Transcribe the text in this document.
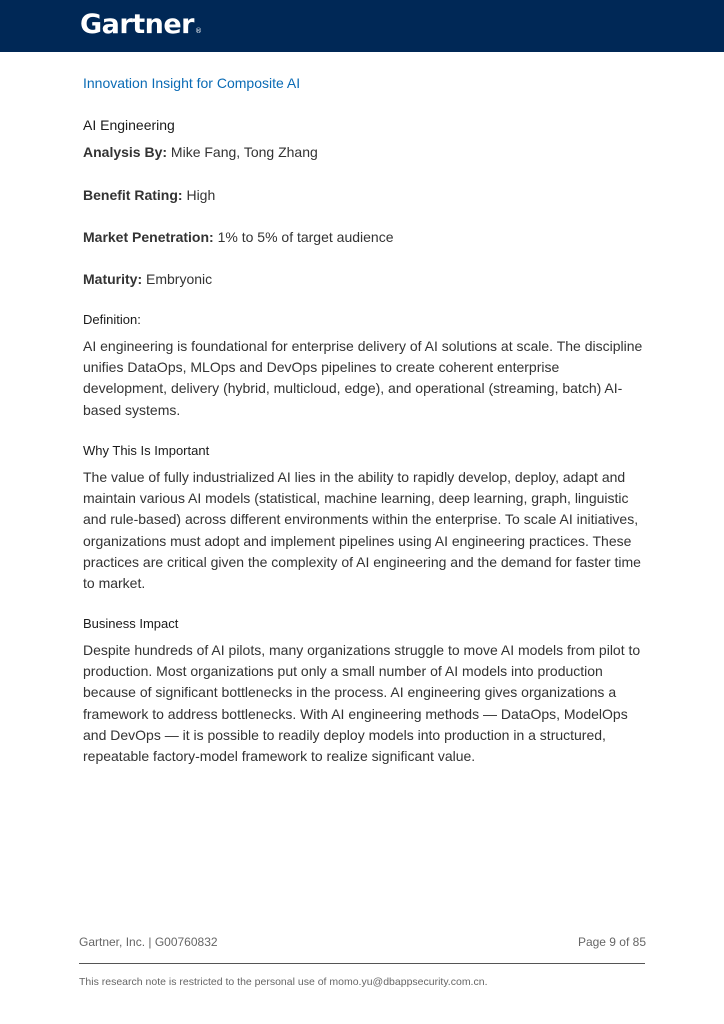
Gartner®
Innovation Insight for Composite AI
AI Engineering
Analysis By: Mike Fang, Tong Zhang
Benefit Rating: High
Market Penetration: 1% to 5% of target audience
Maturity: Embryonic
Definition:

AI engineering is foundational for enterprise delivery of AI solutions at scale. The discipline unifies DataOps, MLOps and DevOps pipelines to create coherent enterprise development, delivery (hybrid, multicloud, edge), and operational (streaming, batch) AI-based systems.

Why This Is Important

The value of fully industrialized AI lies in the ability to rapidly develop, deploy, adapt and maintain various AI models (statistical, machine learning, deep learning, graph, linguistic and rule-based) across different environments within the enterprise. To scale AI initiatives, organizations must adopt and implement pipelines using AI engineering practices. These practices are critical given the complexity of AI engineering and the demand for faster time to market.

Business Impact

Despite hundreds of AI pilots, many organizations struggle to move AI models from pilot to production. Most organizations put only a small number of AI models into production because of significant bottlenecks in the process. AI engineering gives organizations a framework to address bottlenecks. With AI engineering methods — DataOps, ModelOps and DevOps — it is possible to readily deploy models into production in a structured, repeatable factory-model framework to realize significant value.

Gartner, Inc. | G00760832	Page 9 of 85
This research note is restricted to the personal use of momo.yu@dbappsecurity.com.cn.
